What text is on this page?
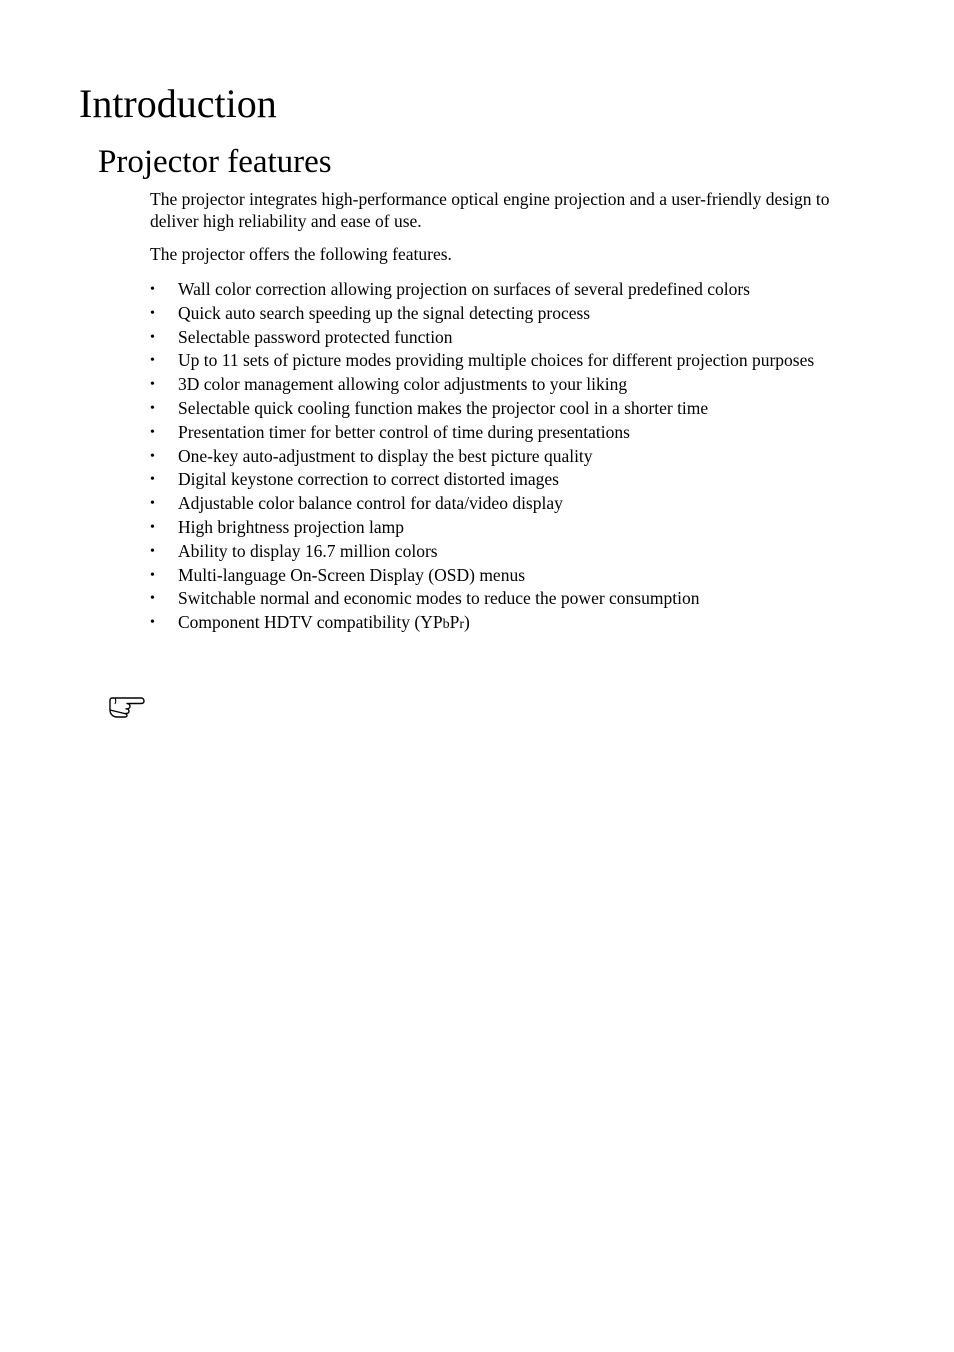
Introduction
Projector features

The projector integrates high-performance optical engine projection and a user-friendly design to deliver high reliability and ease of use.

The projector offers the following features.

• Wall color correction allowing projection on surfaces of several predefined colors
• Quick auto search speeding up the signal detecting process
• Selectable password protected function
• Up to 11 sets of picture modes providing multiple choices for different projection purposes
• 3D color management allowing color adjustments to your liking
• Selectable quick cooling function makes the projector cool in a shorter time
• Presentation timer for better control of time during presentations
• One-key auto-adjustment to display the best picture quality
• Digital keystone correction to correct distorted images
• Adjustable color balance control for data/video display
• High brightness projection lamp
• Ability to display 16.7 million colors
• Multi-language On-Screen Display (OSD) menus
• Switchable normal and economic modes to reduce the power consumption
• Component HDTV compatibility (YPbPr)
